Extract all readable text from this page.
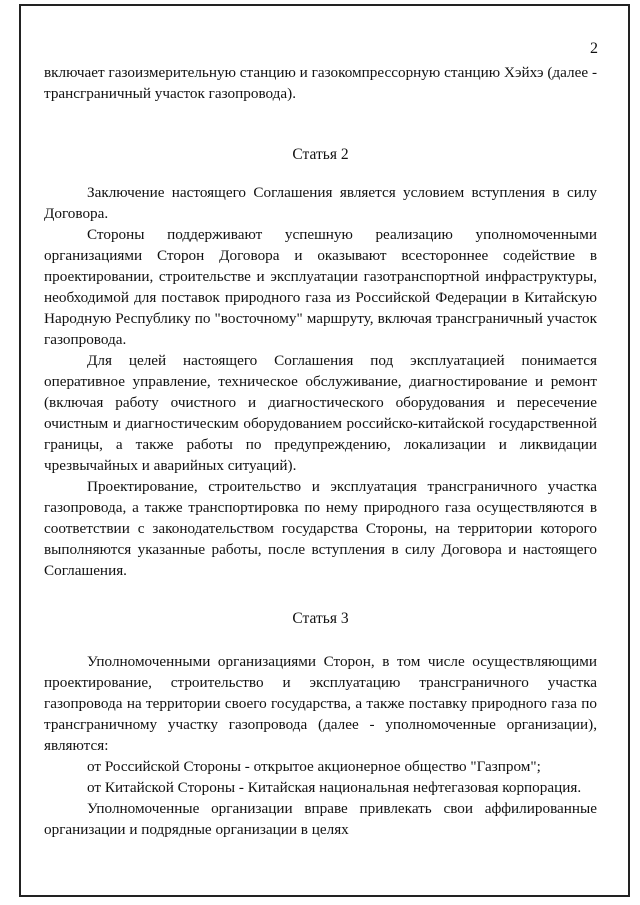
2

включает газоизмерительную станцию и газокомпрессорную станцию Хэйхэ (далее - трансграничный участок газопровода).

Статья 2

Заключение настоящего Соглашения является условием вступления в силу Договора.

Стороны поддерживают успешную реализацию уполномоченными организациями Сторон Договора и оказывают всестороннее содействие в проектировании, строительстве и эксплуатации газотранспортной инфраструктуры, необходимой для поставок природного газа из Российской Федерации в Китайскую Народную Республику по "восточному" маршруту, включая трансграничный участок газопровода.

Для целей настоящего Соглашения под эксплуатацией понимается оперативное управление, техническое обслуживание, диагностирование и ремонт (включая работу очистного и диагностического оборудования и пересечение очистным и диагностическим оборудованием российско-китайской государственной границы, а также работы по предупреждению, локализации и ликвидации чрезвычайных и аварийных ситуаций).

Проектирование, строительство и эксплуатация трансграничного участка газопровода, а также транспортировка по нему природного газа осуществляются в соответствии с законодательством государства Стороны, на территории которого выполняются указанные работы, после вступления в силу Договора и настоящего Соглашения.

Статья 3

Уполномоченными организациями Сторон, в том числе осуществляющими проектирование, строительство и эксплуатацию трансграничного участка газопровода на территории своего государства, а также поставку природного газа по трансграничному участку газопровода (далее - уполномоченные организации), являются:

от Российской Стороны - открытое акционерное общество "Газпром";

от Китайской Стороны - Китайская национальная нефтегазовая корпорация.

Уполномоченные организации вправе привлекать свои аффилированные организации и подрядные организации в целях
